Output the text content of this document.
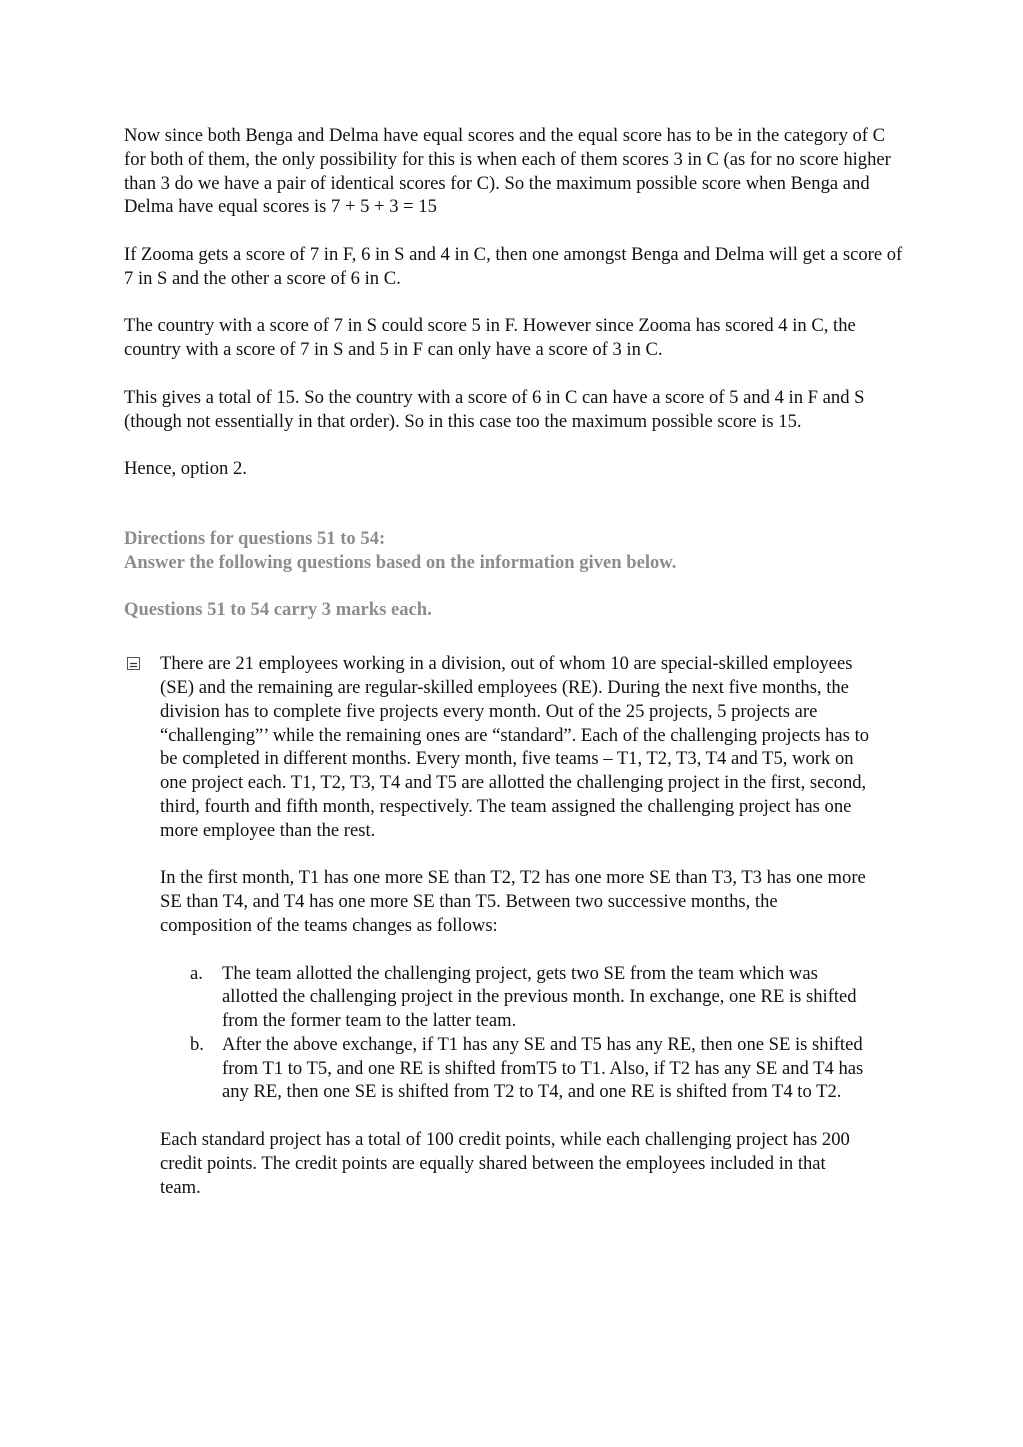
Now since both Benga and Delma have equal scores and the equal score has to be in the category of C for both of them, the only possibility for this is when each of them scores 3 in C (as for no score higher than 3 do we have a pair of identical scores for C). So the maximum possible score when Benga and Delma have equal scores is 7 + 5 + 3 = 15

If Zooma gets a score of 7 in F, 6 in S and 4 in C, then one amongst Benga and Delma will get a score of 7 in S and the other a score of 6 in C.

The country with a score of 7 in S could score 5 in F. However since Zooma has scored 4 in C, the country with a score of 7 in S and 5 in F can only have a score of 3 in C.

This gives a total of 15. So the country with a score of 6 in C can have a score of 5 and 4 in F and S (though not essentially in that order). So in this case too the maximum possible score is 15.

Hence, option 2.

Directions for questions 51 to 54:

Answer the following questions based on the information given below.

Questions 51 to 54 carry 3 marks each.

There are 21 employees working in a division, out of whom 10 are special-skilled employees (SE) and the remaining are regular-skilled employees (RE). During the next five months, the division has to complete five projects every month. Out of the 25 projects, 5 projects are “challenging”’ while the remaining ones are “standard”. Each of the challenging projects has to be completed in different months. Every month, five teams – T1, T2, T3, T4 and T5, work on one project each. T1, T2, T3, T4 and T5 are allotted the challenging project in the first, second, third, fourth and fifth month, respectively. The team assigned the challenging project has one more employee than the rest.

In the first month, T1 has one more SE than T2, T2 has one more SE than T3, T3 has one more SE than T4, and T4 has one more SE than T5. Between two successive months, the composition of the teams changes as follows:

a. The team allotted the challenging project, gets two SE from the team which was allotted the challenging project in the previous month. In exchange, one RE is shifted from the former team to the latter team.
b. After the above exchange, if T1 has any SE and T5 has any RE, then one SE is shifted from T1 to T5, and one RE is shifted fromT5 to T1. Also, if T2 has any SE and T4 has any RE, then one SE is shifted from T2 to T4, and one RE is shifted from T4 to T2.

Each standard project has a total of 100 credit points, while each challenging project has 200 credit points. The credit points are equally shared between the employees included in that team.
